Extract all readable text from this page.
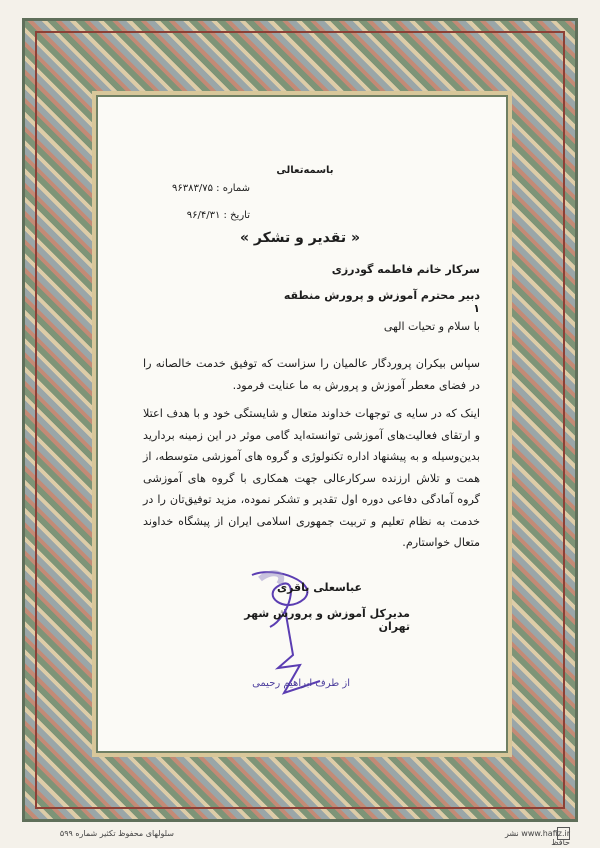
باسمه‌تعالی
شماره : ۹۶۳۸۳/۷۵
تاریخ : ۹۶/۴/۳۱
« تقدیر و تشکر »
سرکار خانم فاطمه گودرزی
دبیر محترم آموزش و پرورش منطقه ۱
با سلام و تحیات الهی
سپاس بیکران پروردگار عالمیان را سزاست که توفیق خدمت خالصانه را در فضای معطر آموزش و پرورش به ما عنایت فرمود.
اینک که در سایه ی توجهات خداوند متعال و شایستگی خود و با هدف اعتلا و ارتقای فعالیت‌های آموزشی توانسته‌اید گامی موثر در این زمینه بردارید بدین‌وسیله و به پیشنهاد اداره تکنولوژی و گروه های آموزشی متوسطه، از همت و تلاش ارزنده سرکارعالی جهت همکاری با گروه های آموزشی گروه آمادگی دفاعی دوره اول تقدیر و تشکر نموده، مزید توفیق‌تان را در خدمت به نظام تعلیم و تربیت جمهوری اسلامی ایران از پیشگاه خداوند متعال خواستارم.
عباسعلی باقری
مدیرکل آموزش و پرورش شهر تهران
از طرف ابراهیم رحیمی
www.hafiz.ir نشر حافظ
سلولهای محفوظ تکثیر شماره ۵۹۹
